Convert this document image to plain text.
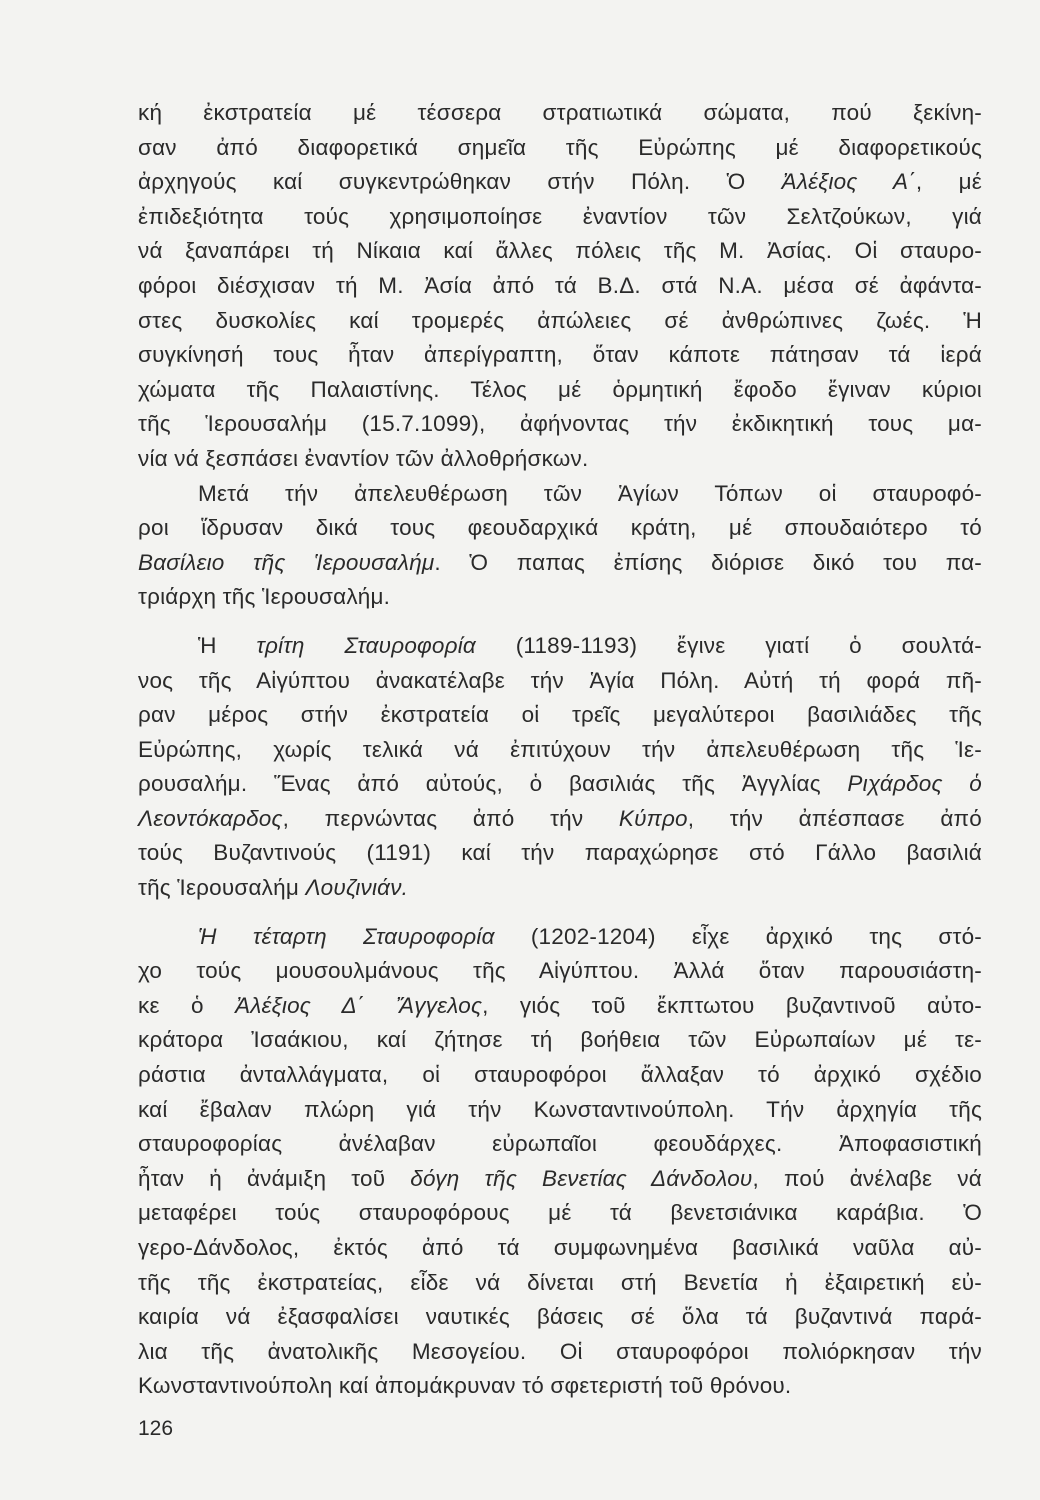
κή ἐκστρατεία μέ τέσσερα στρατιωτικά σώματα, πού ξεκίνη-
σαν ἀπό διαφορετικά σημεῖα τῆς Εὐρώπης μέ διαφορετικούς
ἀρχηγούς καί συγκεντρώθηκαν στήν Πόλη. Ὁ Ἀλέξιος Α΄, μέ
ἐπιδεξιότητα τούς χρησιμοποίησε ἐναντίον τῶν Σελτζούκων, γιά
νά ξαναπάρει τή Νίκαια καί ἄλλες πόλεις τῆς Μ. Ἀσίας. Οἱ σταυρο-
φόροι διέσχισαν τή Μ. Ἀσία ἀπό τά Β.Δ. στά Ν.Α. μέσα σέ ἀφάντα-
στες δυσκολίες καί τρομερές ἀπώλειες σέ ἀνθρώπινες ζωές. Ἡ
συγκίνησή τους ἦταν ἀπερίγραπτη, ὅταν κάποτε πάτησαν τά ἱερά
χώματα τῆς Παλαιστίνης. Τέλος μέ ὁρμητική ἔφοδο ἔγιναν κύριοι
τῆς Ἱερουσαλήμ (15.7.1099), ἀφήνοντας τήν ἐκδικητική τους μα-
νία νά ξεσπάσει ἐναντίον τῶν ἀλλοθρήσκων.
Μετά τήν ἀπελευθέρωση τῶν Ἁγίων Τόπων οἱ σταυροφό-
ροι ἵδρυσαν δικά τους φεουδαρχικά κράτη, μέ σπουδαιότερο τό
Βασίλειο τῆς Ἱερουσαλήμ. Ὁ παπας ἐπίσης διόρισε δικό του πα-
τριάρχη τῆς Ἱερουσαλήμ.
Ἡ τρίτη Σταυροφορία (1189-1193) ἔγινε γιατί ὁ σουλτά-
νος τῆς Αἰγύπτου ἀνακατέλαβε τήν Ἁγία Πόλη. Αὐτή τή φορά πῆ-
ραν μέρος στήν ἐκστρατεία οἱ τρεῖς μεγαλύτεροι βασιλιάδες τῆς
Εὐρώπης, χωρίς τελικά νά ἐπιτύχουν τήν ἀπελευθέρωση τῆς Ἱε-
ρουσαλήμ. Ἕνας ἀπό αὐτούς, ὁ βασιλιάς τῆς Ἀγγλίας Ριχάρδος ὁ
Λεοντόκαρδος, περνώντας ἀπό τήν Κύπρο, τήν ἀπέσπασε ἀπό
τούς Βυζαντινούς (1191) καί τήν παραχώρησε στό Γάλλο βασιλιά
τῆς Ἱερουσαλήμ Λουζινιάν.
Ἡ τέταρτη Σταυροφορία (1202-1204) εἶχε ἀρχικό της στό-
χο τούς μουσουλμάνους τῆς Αἰγύπτου. Ἀλλά ὅταν παρουσιάστη-
κε ὁ Ἀλέξιος Δ΄ Ἄγγελος, γιός τοῦ ἔκπτωτου βυζαντινοῦ αὐτο-
κράτορα Ἰσαάκιου, καί ζήτησε τή βοήθεια τῶν Εὐρωπαίων μέ τε-
ράστια ἀνταλλάγματα, οἱ σταυροφόροι ἄλλαξαν τό ἀρχικό σχέδιο
καί ἔβαλαν πλώρη γιά τήν Κωνσταντινούπολη. Τήν ἀρχηγία τῆς
σταυροφορίας ἀνέλαβαν εὐρωπαῖοι φεουδάρχες. Ἀποφασιστική
ἦταν ἡ ἀνάμιξη τοῦ δόγη τῆς Βενετίας Δάνδολου, πού ἀνέλαβε νά
μεταφέρει τούς σταυροφόρους μέ τά βενετσιάνικα καράβια. Ὁ
γερο-Δάνδολος, ἐκτός ἀπό τά συμφωνημένα βασιλικά ναῦλα αὐ-
τῆς τῆς ἐκστρατείας, εἶδε νά δίνεται στή Βενετία ἡ ἐξαιρετική εὐ-
καιρία νά ἐξασφαλίσει ναυτικές βάσεις σέ ὅλα τά βυζαντινά παρά-
λια τῆς ἀνατολικῆς Μεσογείου. Οἱ σταυροφόροι πολιόρκησαν τήν
Κωνσταντινούπολη καί ἀπομάκρυναν τό σφετεριστή τοῦ θρόνου.
126
